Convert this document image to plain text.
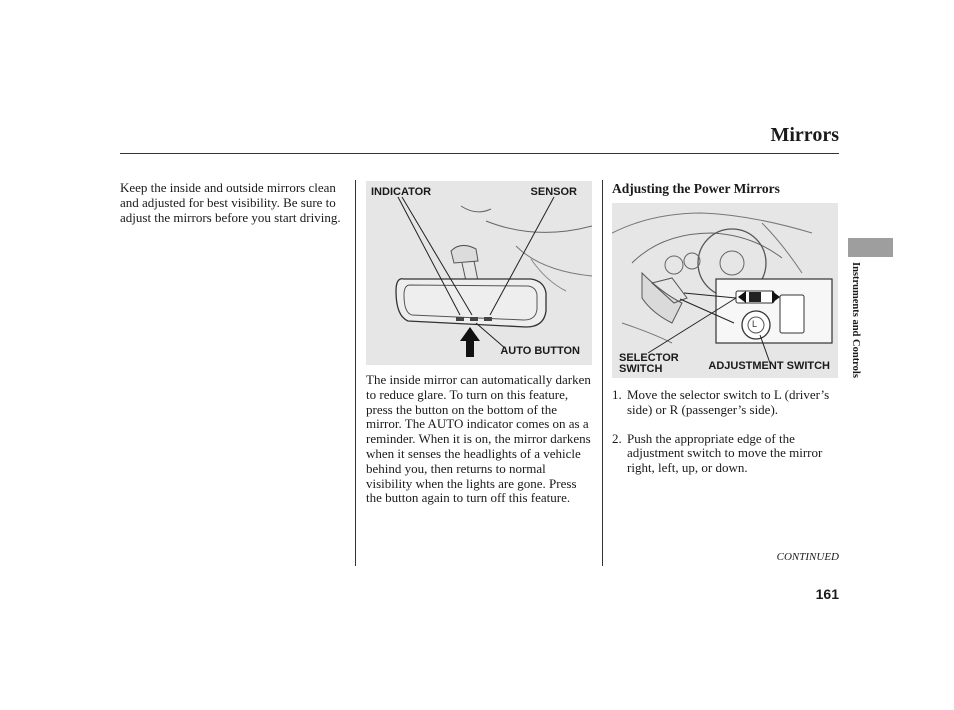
Mirrors

Keep the inside and outside mirrors clean and adjusted for best visibility. Be sure to adjust the mirrors before you start driving.

INDICATOR	SENSOR
AUTO BUTTON

The inside mirror can automatically darken to reduce glare. To turn on this feature, press the button on the bottom of the mirror. The AUTO indicator comes on as a reminder. When it is on, the mirror darkens when it senses the headlights of a vehicle behind you, then returns to normal visibility when the lights are gone. Press the button again to turn off this feature.

Adjusting the Power Mirrors
L
SELECTOR
SWITCH	ADJUSTMENT SWITCH
1. Move the selector switch to L (driver’s side) or R (passenger’s side).
2. Push the appropriate edge of the adjustment switch to move the mirror right, left, up, or down.
CONTINUED
161
Instruments and Controls
